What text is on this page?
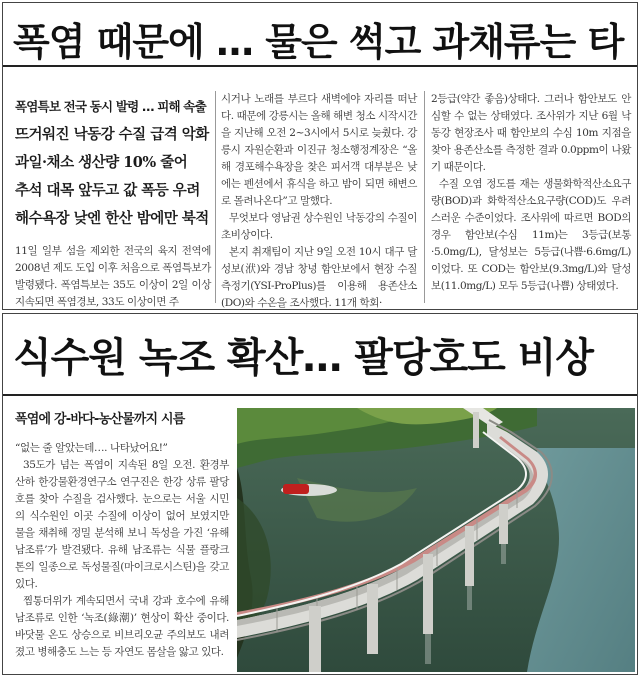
폭염 때문에 … 물은 썩고 과채류는 타
폭염특보 전국 동시 발령 … 피해 속출
뜨거워진 낙동강 수질 급격 악화
과일·채소 생산량 10% 줄어
추석 대목 앞두고 값 폭등 우려
해수욕장 낮엔 한산 밤에만 북적

11일 일부 섬을 제외한 전국의 육지 전역에 2008년 제도 도입 이후 처음으로 폭염특보가 발령됐다. 폭염특보는 35도 이상이 2일 이상 지속되면 폭염경보, 33도 이상이면 주

시거나 노래를 부르다 새벽에야 자리를 떠난다. 때문에 강릉시는 올해 해변 청소 시작시간을 지난해 오전 2~3시에서 5시로 늦췄다. 강릉시 자원순환과 이진규 청소행정계장은 “올해 경포해수욕장을 찾은 피서객 대부분은 낮에는 펜션에서 휴식을 하고 밤이 되면 해변으로 몰려나온다”고 말했다.

무엇보다 영남권 상수원인 낙동강의 수질이 초비상이다.

본지 취재팀이 지난 9일 오전 10시 대구 달성보(洑)와 경남 창녕 함안보에서 현장 수질 측정기(YSI-ProPlus)를 이용해 용존산소(DO)와 수온을 조사했다. 11개 학회·

2등급(약간 좋음)상태다. 그러나 함안보도 안심할 수 없는 상태였다. 조사위가 지난 6월 낙동강 현장조사 때 함안보의 수심 10m 지점을 찾아 용존산소를 측정한 결과 0.0ppm이 나왔기 때문이다.

수질 오염 정도를 재는 생물화학적산소요구량(BOD)과 화학적산소요구량(COD)도 우려스러운 수준이었다. 조사위에 따르면 BOD의 경우 함안보(수심 11m)는 3등급(보통·5.0mg/L), 달성보는 5등급(나쁨·6.6mg/L)이었다. 또 COD는 함안보(9.3mg/L)와 달성보(11.0mg/L) 모두 5등급(나쁨) 상태였다.

식수원 녹조 확산… 팔당호도 비상
폭염에 강-바다-농산물까지 시름

“없는 줄 알았는데…. 나타났어요!”

35도가 넘는 폭염이 지속된 8일 오전. 환경부 산하 한강물환경연구소 연구진은 한강 상류 팔당호를 찾아 수질을 검사했다. 눈으로는 서울 시민의 식수원인 이곳 수질에 이상이 없어 보였지만 물을 채취해 정밀 분석해 보니 독성을 가진 ‘유해 남조류’가 발견됐다. 유해 남조류는 식물 플랑크톤의 일종으로 독성물질(마이크로시스틴)을 갖고 있다.

찜통더위가 계속되면서 국내 강과 호수에 유해 남조류로 인한 ‘녹조(綠潮)’ 현상이 확산 중이다. 바닷물 온도 상승으로 비브리오균 주의보도 내려졌고 병해충도 느는 등 자연도 몸살을 앓고 있다.
